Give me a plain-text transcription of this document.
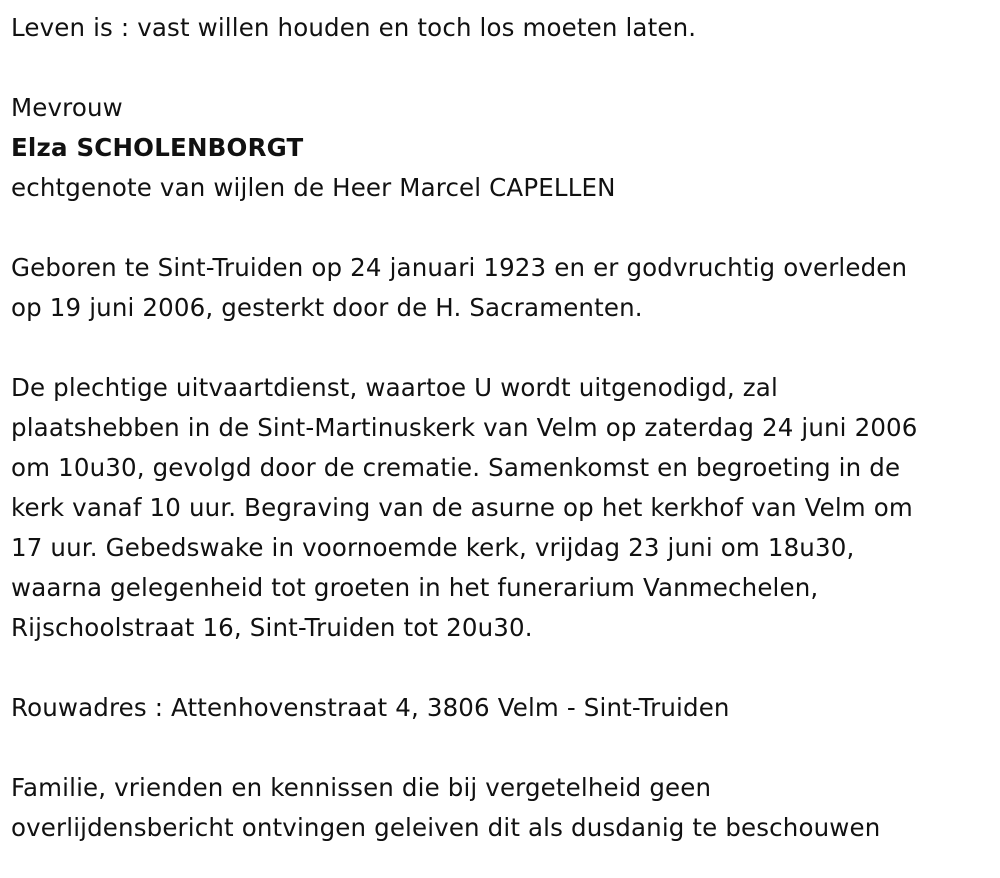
Leven is : vast willen houden en toch los moeten laten.

Mevrouw

Elza SCHOLENBORGT

echtgenote van wijlen de Heer Marcel CAPELLEN

Geboren te Sint-Truiden op 24 januari 1923 en er godvruchtig overleden

op 19 juni 2006, gesterkt door de H. Sacramenten.

De plechtige uitvaartdienst, waartoe U wordt uitgenodigd, zal

plaatshebben in de Sint-Martinuskerk van Velm op zaterdag 24 juni 2006

om 10u30, gevolgd door de crematie. Samenkomst en begroeting in de

kerk vanaf 10 uur. Begraving van de asurne op het kerkhof van Velm om

17 uur. Gebedswake in voornoemde kerk, vrijdag 23 juni om 18u30,

waarna gelegenheid tot groeten in het funerarium Vanmechelen,

Rijschoolstraat 16, Sint-Truiden tot 20u30.

Rouwadres : Attenhovenstraat 4, 3806 Velm - Sint-Truiden

Familie, vrienden en kennissen die bij vergetelheid geen

overlijdensbericht ontvingen geleiven dit als dusdanig te beschouwen
